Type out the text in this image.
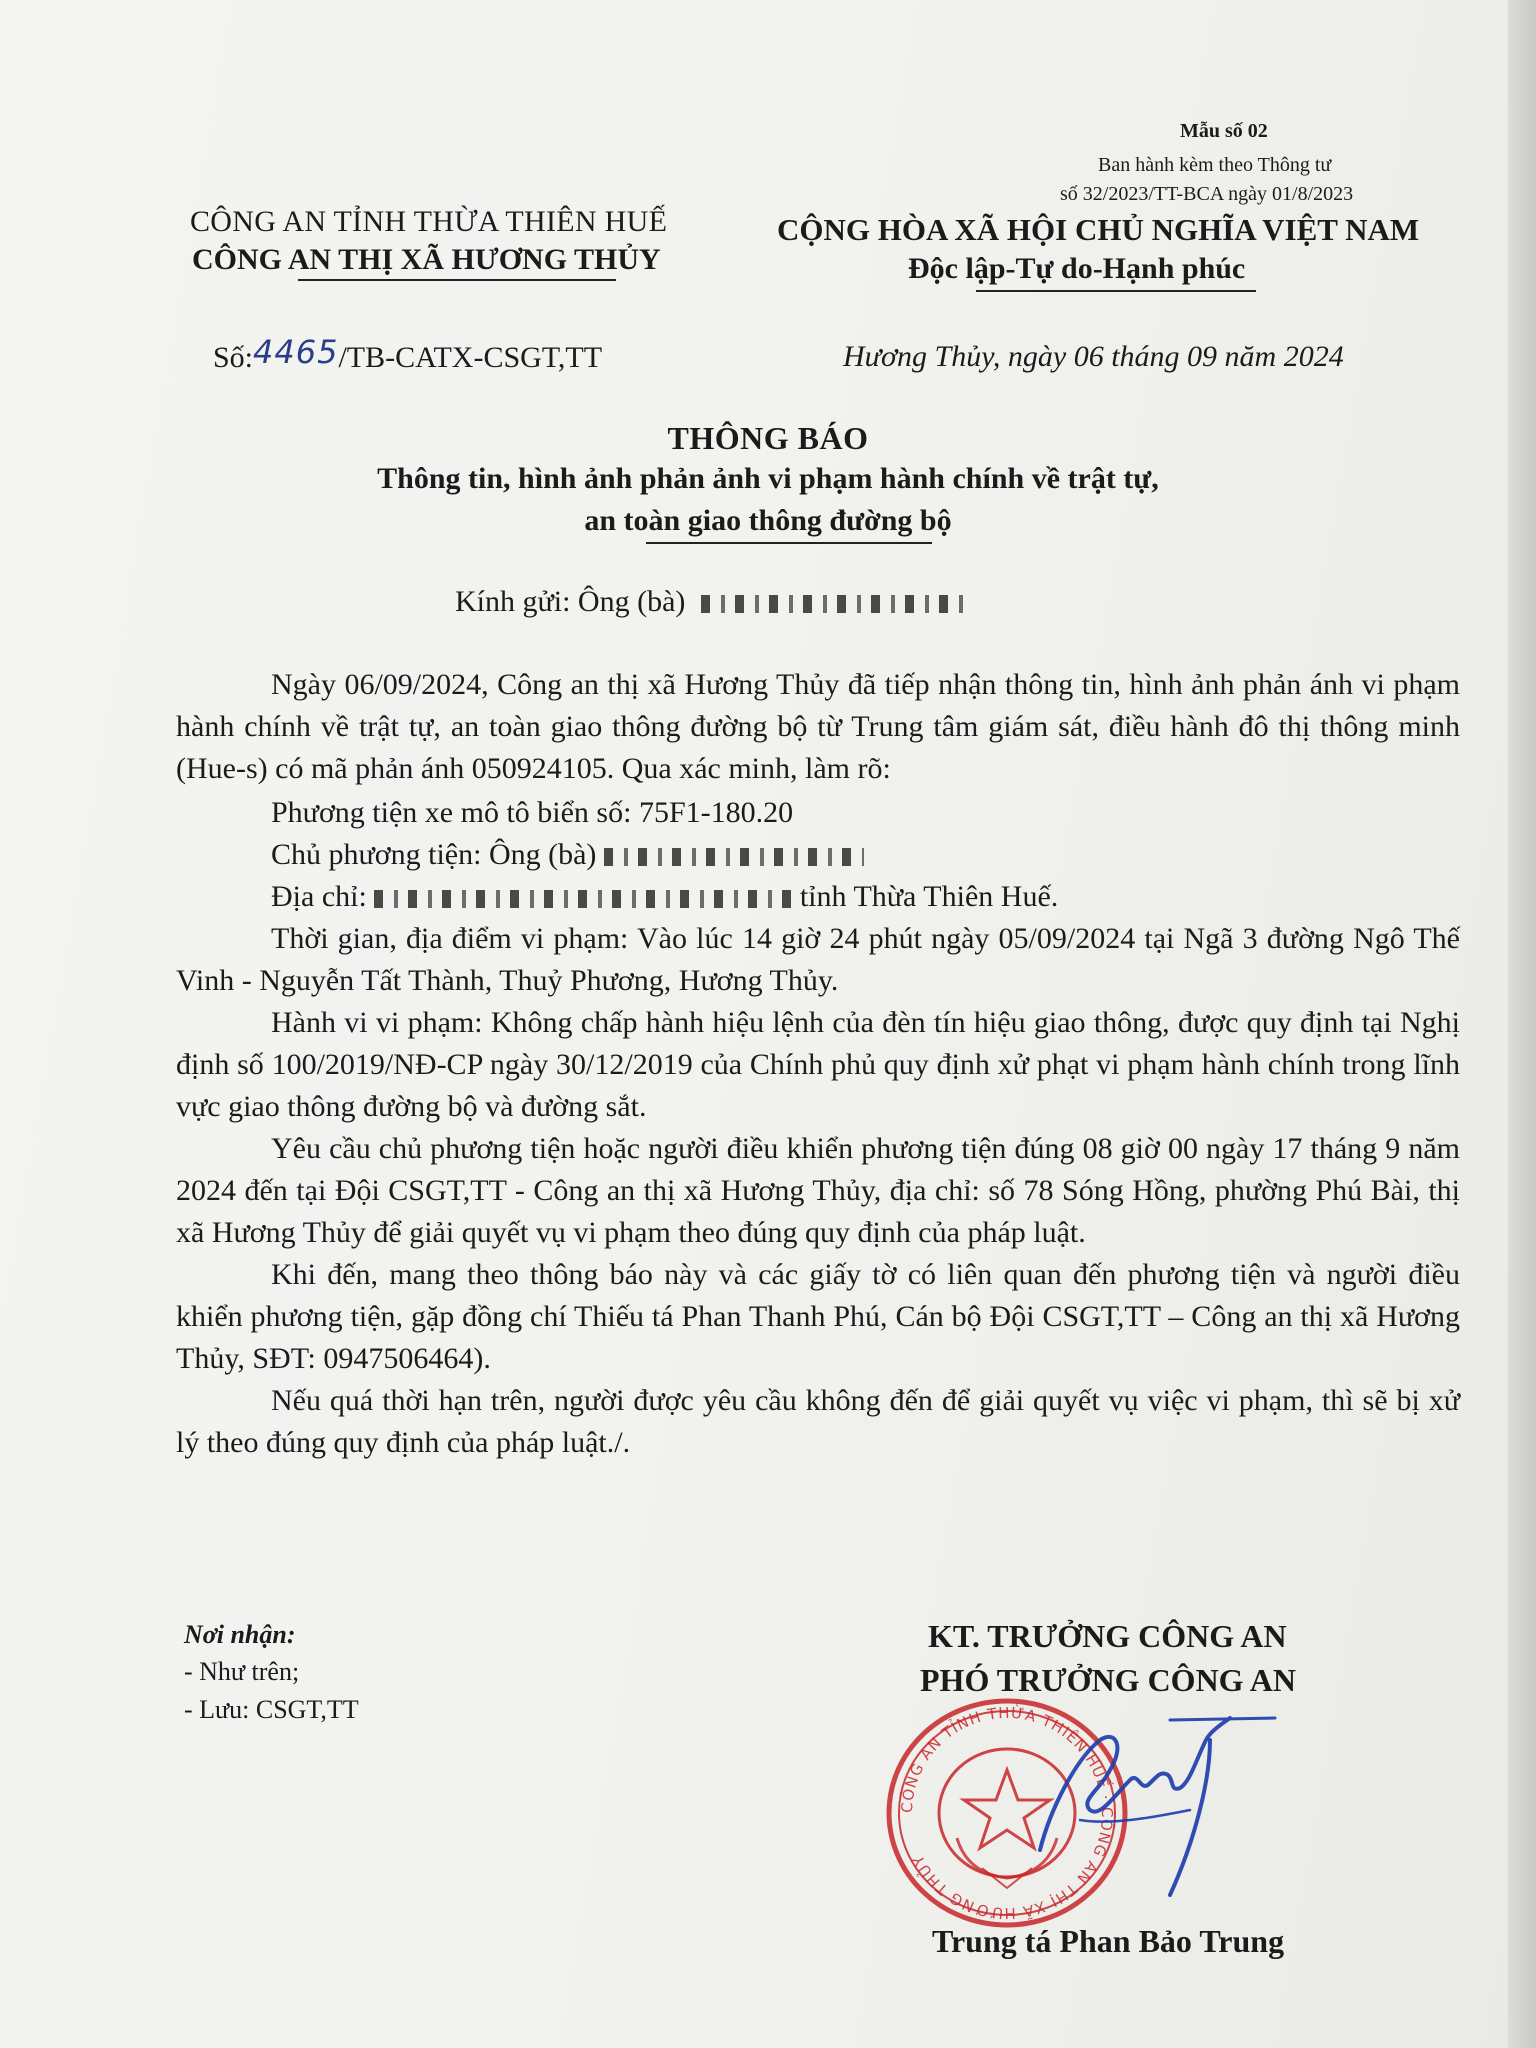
Mẫu số 02
Ban hành kèm theo Thông tư
số 32/2023/TT-BCA ngày 01/8/2023
CÔNG AN TỈNH THỪA THIÊN HUẾ
CÔNG AN THỊ XÃ HƯƠNG THỦY
CỘNG HÒA XÃ HỘI CHỦ NGHĨA VIỆT NAM
Độc lập-Tự do-Hạnh phúc
Số:4465/TB-CATX-CSGT,TT	Hương Thủy, ngày 06 tháng 09 năm 2024
THÔNG BÁO
Thông tin, hình ảnh phản ảnh vi phạm hành chính về trật tự,
an toàn giao thông đường bộ
Kính gửi: Ông (bà)

Ngày 06/09/2024, Công an thị xã Hương Thủy đã tiếp nhận thông tin, hình ảnh phản ánh vi phạm hành chính về trật tự, an toàn giao thông đường bộ từ Trung tâm giám sát, điều hành đô thị thông minh (Hue-s) có mã phản ánh 050924105. Qua xác minh, làm rõ:

Phương tiện xe mô tô biển số: 75F1-180.20

Chủ phương tiện: Ông (bà)

Địa chỉ:	tỉnh Thừa Thiên Huế.

Thời gian, địa điểm vi phạm: Vào lúc 14 giờ 24 phút ngày 05/09/2024 tại Ngã 3 đường Ngô Thế Vinh - Nguyễn Tất Thành, Thuỷ Phương, Hương Thủy.

Hành vi vi phạm: Không chấp hành hiệu lệnh của đèn tín hiệu giao thông, được quy định tại Nghị định số 100/2019/NĐ-CP ngày 30/12/2019 của Chính phủ quy định xử phạt vi phạm hành chính trong lĩnh vực giao thông đường bộ và đường sắt.

Yêu cầu chủ phương tiện hoặc người điều khiển phương tiện đúng 08 giờ 00 ngày 17 tháng 9 năm 2024 đến tại Đội CSGT,TT - Công an thị xã Hương Thủy, địa chỉ: số 78 Sóng Hồng, phường Phú Bài, thị xã Hương Thủy để giải quyết vụ vi phạm theo đúng quy định của pháp luật.

Khi đến, mang theo thông báo này và các giấy tờ có liên quan đến phương tiện và người điều khiển phương tiện, gặp đồng chí Thiếu tá Phan Thanh Phú, Cán bộ Đội CSGT,TT – Công an thị xã Hương Thủy, SĐT: 0947506464).

Nếu quá thời hạn trên, người được yêu cầu không đến để giải quyết vụ việc vi phạm, thì sẽ bị xử lý theo đúng quy định của pháp luật./.

Nơi nhận:
- Như trên;
- Lưu: CSGT,TT
KT. TRƯỞNG CÔNG AN
PHÓ TRƯỞNG CÔNG AN
CÔNG AN TỈNH THỪA THIÊN HUẾ · CÔNG AN THỊ XÃ HƯƠNG THỦY
Trung tá Phan Bảo Trung
